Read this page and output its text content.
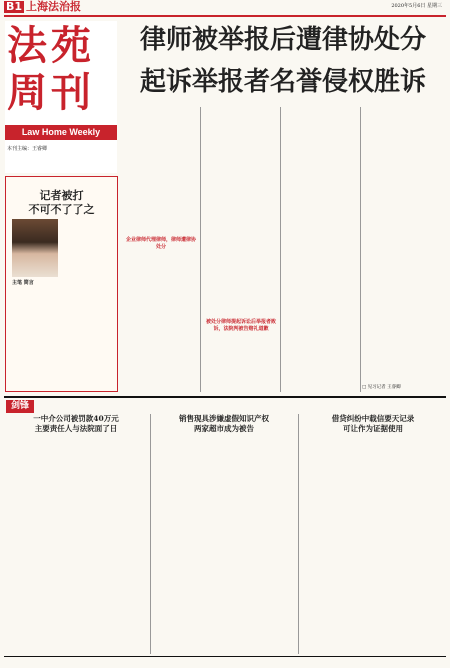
B1 上海法治报	2020年5月6日 星期三
法苑
周刊
Law Home Weekly
本刊主编：王睿卿
律师被举报后遭律协处分
起诉举报者名誉侵权胜诉
记者被打
不可不了了之
主笔 简言
企业律师代理律师，律师遭律协处分
被处分律师提起诉讼后举报者败诉，法院判被告赔礼道歉
□ 见习记者 王睿卿
剑锋
一中介公司被罚款40万元
主要责任人与法院面了日
销售现具涉嫌虚假知识产权
两家超市成为被告
借贷纠纷中载信要天记录
可让作为证据使用
